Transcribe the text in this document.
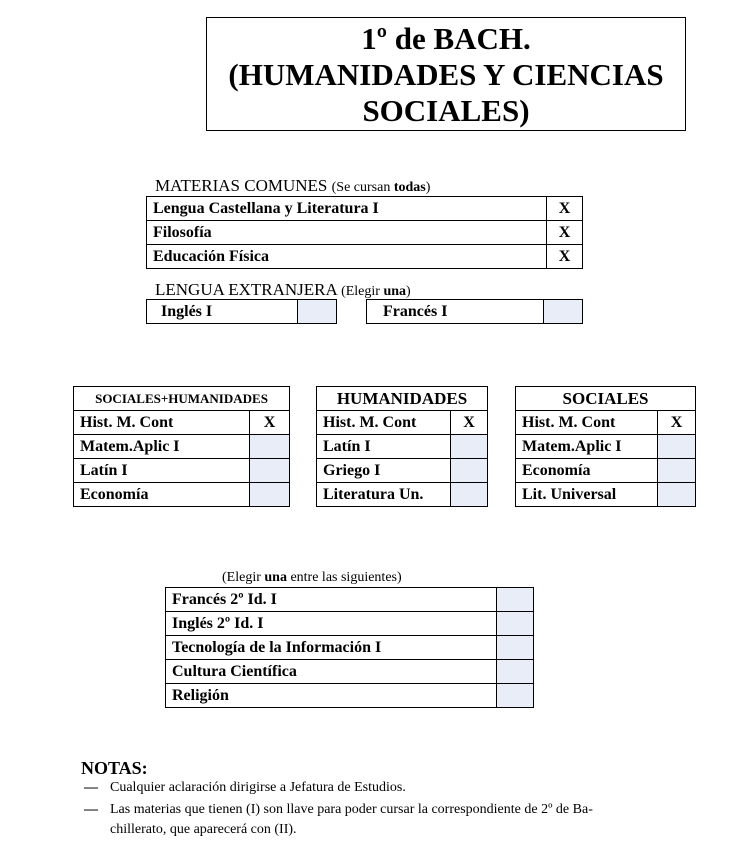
1º de BACH.
(HUMANIDADES Y CIENCIAS
SOCIALES)
MATERIAS COMUNES (Se cursan todas)
Lengua Castellana y Literatura I	X
Filosofía	X
Educación Física	X
LENGUA EXTRANJERA (Elegir una)
Inglés I		Francés I	
SOCIALES+HUMANIDADES	
Hist. M. Cont	X
Matem.Aplic I	
Latín I	
Economía	
HUMANIDADES	
Hist. M. Cont	X
Latín I	
Griego I	
Literatura Un.	
SOCIALES	
Hist. M. Cont	X
Matem.Aplic I	
Economía	
Lit. Universal	
(Elegir una entre las siguientes)
Francés 2º Id. I	
Inglés 2º Id. I	
Tecnología de la Información I	
Cultura Científica	
Religión	
NOTAS:
— Cualquier aclaración dirigirse a Jefatura de Estudios.
— Las materias que tienen (I) son llave para poder cursar la correspondiente de 2º de Ba-
chillerato, que aparecerá con (II).
